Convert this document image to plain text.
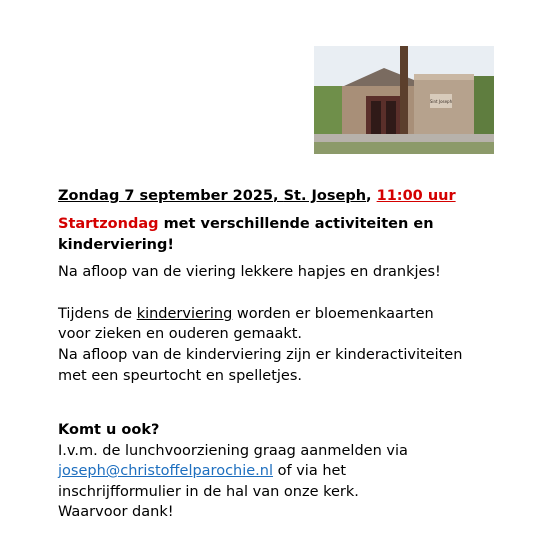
Sint Joseph
Zondag 7 september 2025, St. Joseph, 11:00 uur
Startzondag met verschillende activiteiten en
kinderviering!
Na afloop van de viering lekkere hapjes en drankjes!
Tijdens de kinderviering worden er bloemenkaarten
voor zieken en ouderen gemaakt.
Na afloop van de kinderviering zijn er kinderactiviteiten
met een speurtocht en spelletjes.
Komt u ook?
I.v.m. de lunchvoorziening graag aanmelden via
joseph@christoffelparochie.nl of via het
inschrijfformulier in de hal van onze kerk.
Waarvoor dank!
